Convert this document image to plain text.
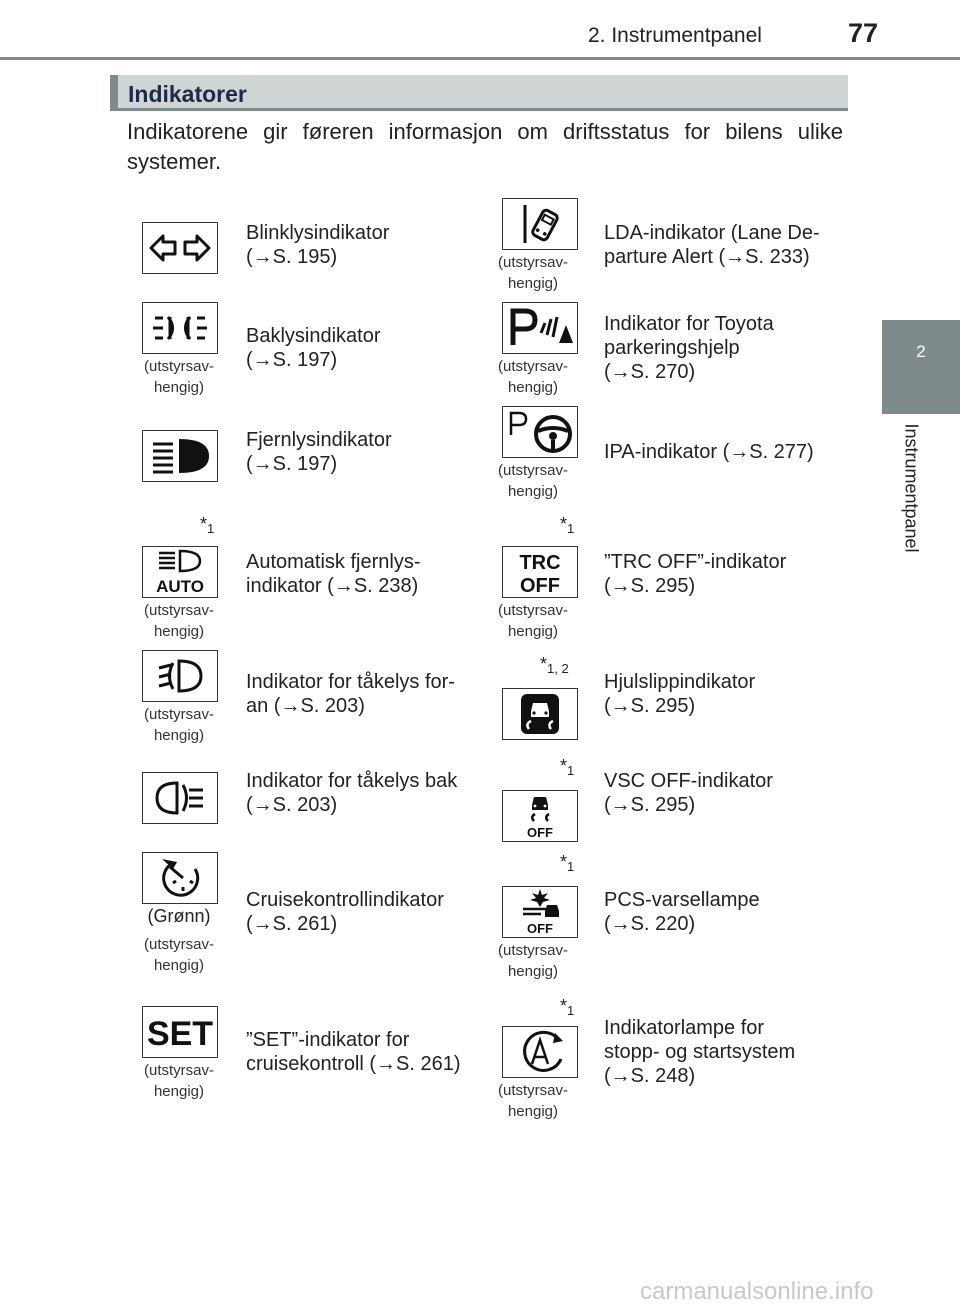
2. Instrumentpanel	77
2
Instrumentpanel
Indikatorer
Indikatorene gir føreren informasjon om driftsstatus for bilens ulike systemer.
Blinklysindikator
(→S. 195)
(utstyrsav-
hengig)
Baklysindikator
(→S. 197)
Fjernlysindikator
(→S. 197)
$*_1$
AUTO
(utstyrsav-
hengig)
Automatisk fjernlys-
indikator (→S. 238)
(utstyrsav-
hengig)
Indikator for tåkelys for-
an (→S. 203)
Indikator for tåkelys bak
(→S. 203)
(Grønn)
(utstyrsav-
hengig)
Cruisekontrollindikator
(→S. 261)
SET
(utstyrsav-
hengig)
”SET”-indikator for
cruisekontroll (→S. 261)
(utstyrsav-
hengig)
LDA-indikator (Lane De-
parture Alert (→S. 233)
(utstyrsav-
hengig)
Indikator for Toyota
parkeringshjelp
(→S. 270)
(utstyrsav-
hengig)
IPA-indikator (→S. 277)
$*_1$
TRC
OFF
(utstyrsav-
hengig)
”TRC OFF”-indikator
(→S. 295)
$*_{1, 2}$
Hjulslippindikator
(→S. 295)
$*_1$
OFF
VSC OFF-indikator
(→S. 295)
$*_1$
OFF
(utstyrsav-
hengig)
PCS-varsellampe
(→S. 220)
$*_1$
(utstyrsav-
hengig)
Indikatorlampe for
stopp- og startsystem
(→S. 248)
carmanualsonline.info
